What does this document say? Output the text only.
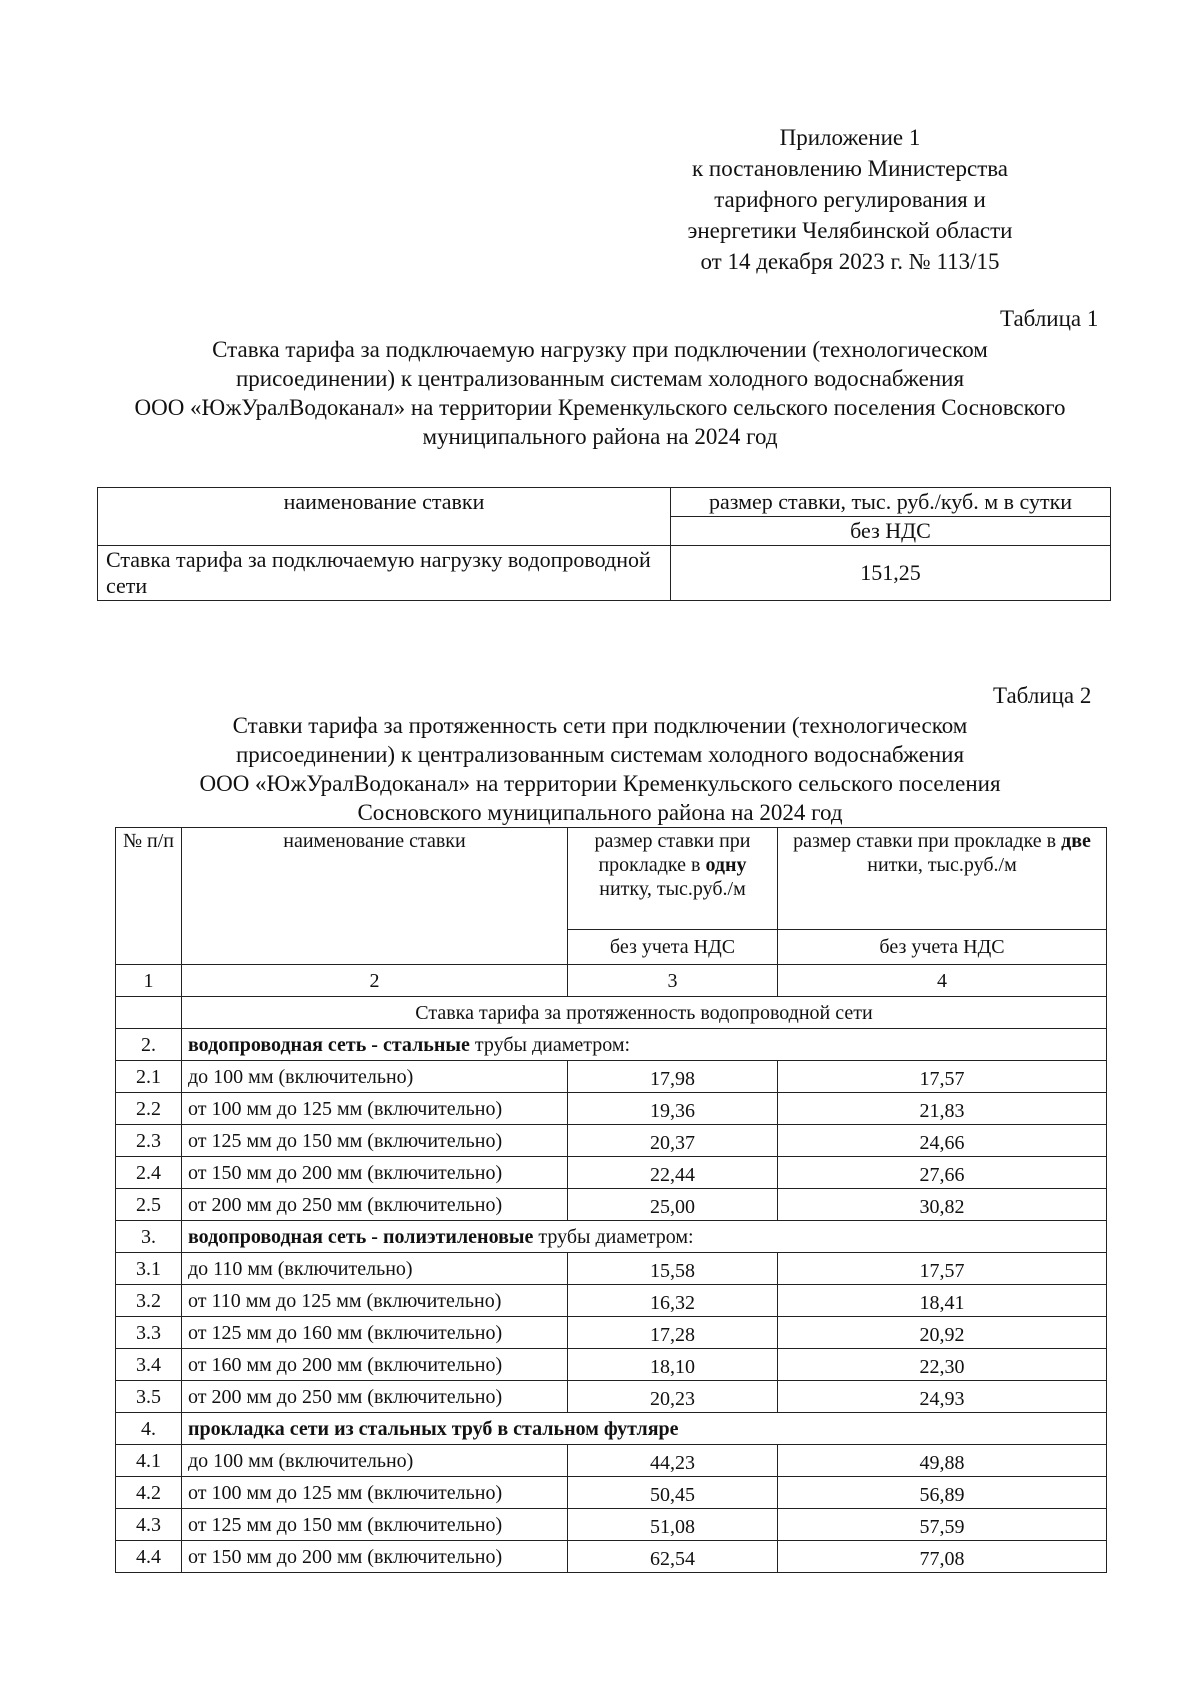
Приложение 1
к постановлению Министерства
тарифного регулирования и
энергетики Челябинской области
от 14 декабря 2023 г. № 113/15
Таблица 1
Ставка тарифа за подключаемую нагрузку при подключении (технологическом
присоединении) к централизованным системам холодного водоснабжения
ООО «ЮжУралВодоканал» на территории Кременкульского сельского поселения Сосновского
муниципального района на 2024 год
наименование ставки	размер ставки, тыс. руб./куб. м в сутки
	без НДС
Ставка тарифа за подключаемую нагрузку водопроводной сети	151,25
Таблица 2
Ставки тарифа за протяженность сети при подключении (технологическом
присоединении) к централизованным системам холодного водоснабжения
ООО «ЮжУралВодоканал» на территории Кременкульского сельского поселения
Сосновского муниципального района на 2024 год
№ п/п	наименование ставки	размер ставки при прокладке в одну нитку, тыс.руб./м	размер ставки при прокладке в две нитки, тыс.руб./м
		без учета НДС	без учета НДС
1	2	3	4
	Ставка тарифа за протяженность водопроводной сети		
2.	водопроводная сеть - стальные трубы диаметром:		
2.1	до 100 мм (включительно)	17,98	17,57
2.2	от 100 мм до 125 мм (включительно)	19,36	21,83
2.3	от 125 мм до 150 мм (включительно)	20,37	24,66
2.4	от 150 мм до 200 мм (включительно)	22,44	27,66
2.5	от 200 мм до 250 мм (включительно)	25,00	30,82
3.	водопроводная сеть - полиэтиленовые трубы диаметром:		
3.1	до 110 мм (включительно)	15,58	17,57
3.2	от 110 мм до 125 мм (включительно)	16,32	18,41
3.3	от 125 мм до 160 мм (включительно)	17,28	20,92
3.4	от 160 мм до 200 мм (включительно)	18,10	22,30
3.5	от 200 мм до 250 мм (включительно)	20,23	24,93
4.	прокладка сети из стальных труб в стальном футляре		
4.1	до 100 мм (включительно)	44,23	49,88
4.2	от 100 мм до 125 мм (включительно)	50,45	56,89
4.3	от 125 мм до 150 мм (включительно)	51,08	57,59
4.4	от 150 мм до 200 мм (включительно)	62,54	77,08
